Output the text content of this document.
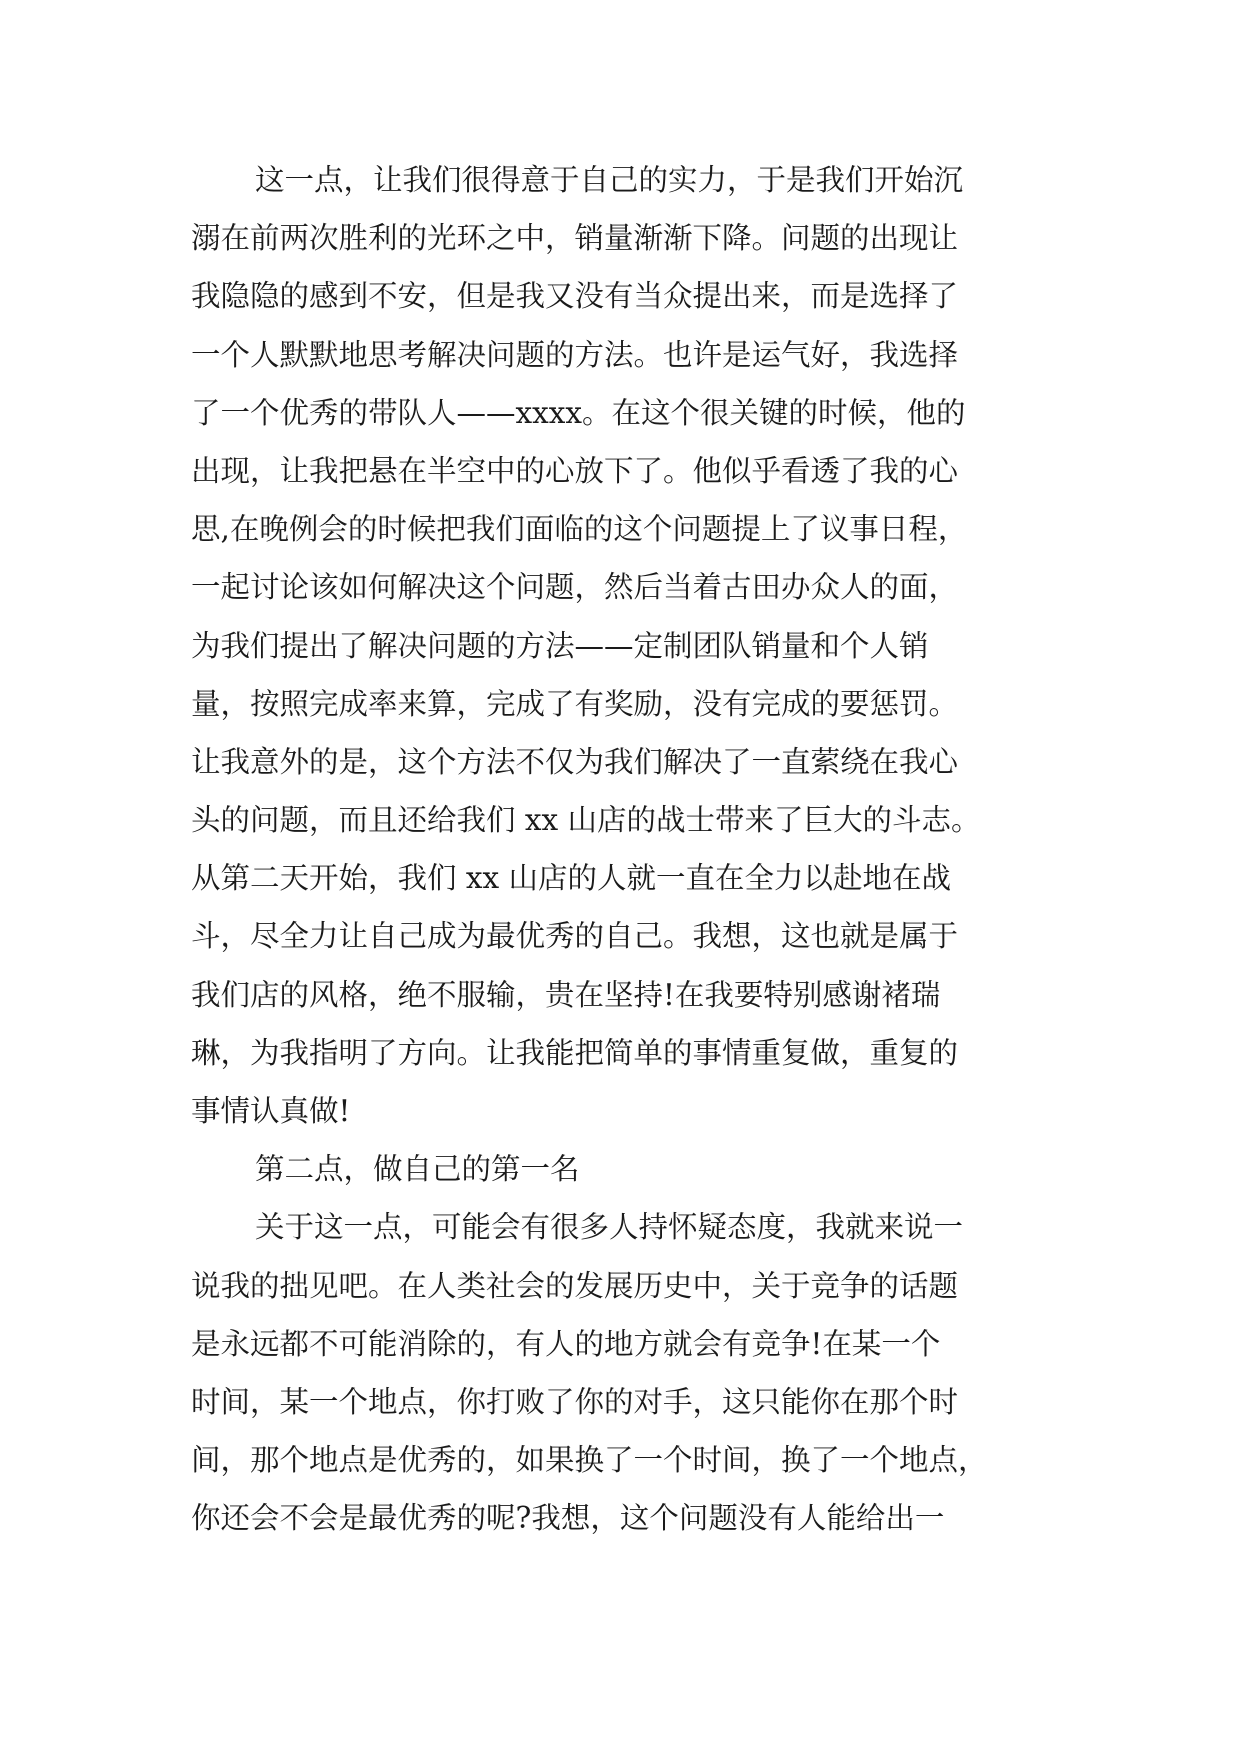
这一点，让我们很得意于自己的实力，于是我们开始沉
溺在前两次胜利的光环之中，销量渐渐下降。问题的出现让
我隐隐的感到不安，但是我又没有当众提出来，而是选择了
一个人默默地思考解决问题的方法。也许是运气好，我选择
了一个优秀的带队人——xxxx。在这个很关键的时候，他的
出现，让我把悬在半空中的心放下了。他似乎看透了我的心
思,在晚例会的时候把我们面临的这个问题提上了议事日程，
一起讨论该如何解决这个问题，然后当着古田办众人的面，
为我们提出了解决问题的方法——定制团队销量和个人销
量，按照完成率来算，完成了有奖励，没有完成的要惩罚。
让我意外的是，这个方法不仅为我们解决了一直萦绕在我心
头的问题，而且还给我们 xx 山店的战士带来了巨大的斗志。
从第二天开始，我们 xx 山店的人就一直在全力以赴地在战
斗，尽全力让自己成为最优秀的自己。我想，这也就是属于
我们店的风格，绝不服输，贵在坚持!在我要特别感谢褚瑞
琳，为我指明了方向。让我能把简单的事情重复做，重复的
事情认真做!
第二点，做自己的第一名
关于这一点，可能会有很多人持怀疑态度，我就来说一
说我的拙见吧。在人类社会的发展历史中，关于竞争的话题
是永远都不可能消除的，有人的地方就会有竞争!在某一个
时间，某一个地点，你打败了你的对手，这只能你在那个时
间，那个地点是优秀的，如果换了一个时间，换了一个地点，
你还会不会是最优秀的呢?我想，这个问题没有人能给出一
